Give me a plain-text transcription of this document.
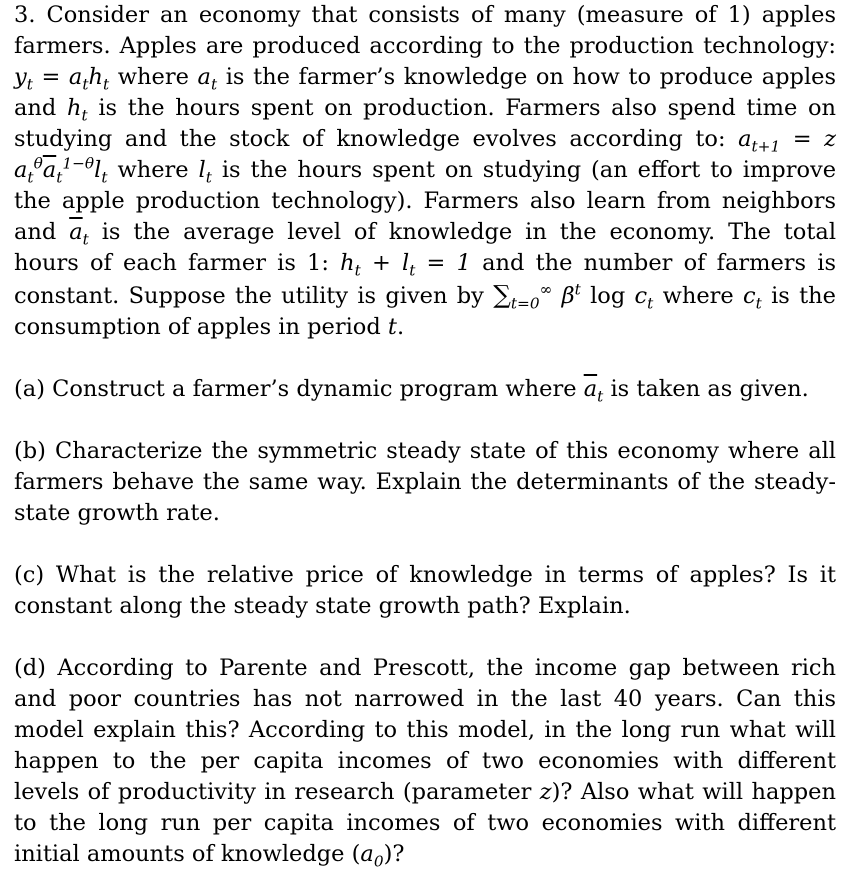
3. Consider an economy that consists of many (measure of 1) apples farmers. Apples are produced according to the production technology: $y_t = a_th_t$ where $a_t$ is the farmer’s knowledge on how to produce apples and $h_t$ is the hours spent on production. Farmers also spend time on studying and the stock of knowledge evolves according to: $a_{t+1} = z$ $a_t^\theta\overline{a}_t^{1-\theta}l_t$ where $l_t$ is the hours spent on studying (an effort to improve the apple production technology). Farmers also learn from neighbors and $\overline{a}_t$ is the average level of knowledge in the economy. The total hours of each farmer is 1: $h_t + l_t = 1$ and the number of farmers is constant. Suppose the utility is given by $\sum_{t=0}^\infty$ $\beta^t$ $\log c_t$ where $c_t$ is the consumption of apples in period t.

(a) Construct a farmer’s dynamic program where $\overline{a}_t$ is taken as given.

(b) Characterize the symmetric steady state of this economy where all farmers behave the same way. Explain the determinants of the steady-state growth rate.

(c) What is the relative price of knowledge in terms of apples? Is it constant along the steady state growth path? Explain.

(d) According to Parente and Prescott, the income gap between rich and poor countries has not narrowed in the last 40 years. Can this model explain this? According to this model, in the long run what will happen to the per capita incomes of two economies with different levels of productivity in research (parameter z)? Also what will happen to the long run per capita incomes of two economies with different initial amounts of knowledge $(a_0)$?
